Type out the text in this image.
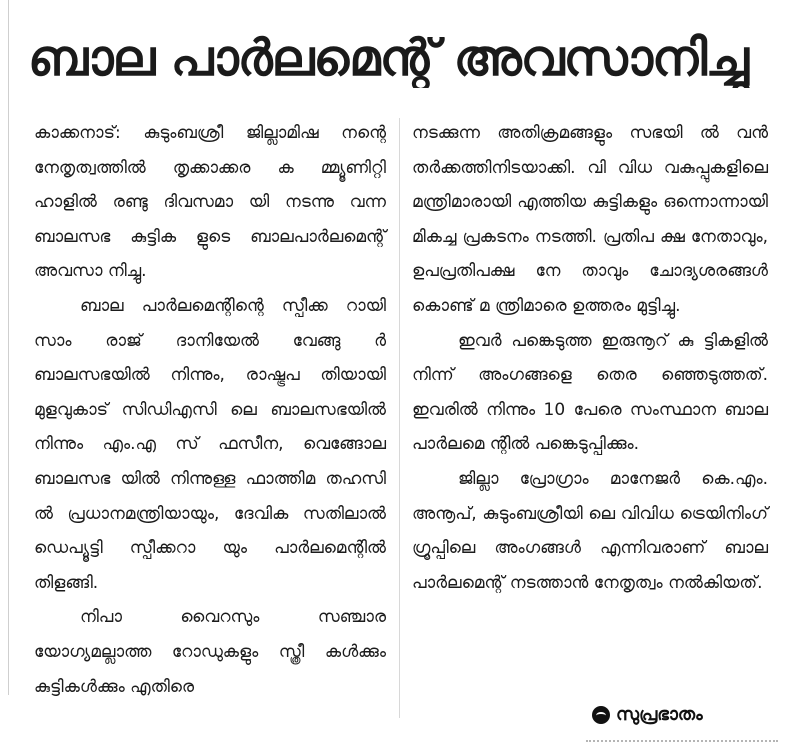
ബാല പാർലമെന്റ് അവസാനിച്ചു

കാക്കനാട്: കുടുംബശ്രീ ജില്ലാമിഷ നന്റെ നേതൃത്വത്തിൽ തൃക്കാക്കര ക മ്മ്യൂണിറ്റി ഹാളിൽ രണ്ടു ദിവസമാ യി നടന്നു വന്ന ബാലസഭ കുട്ടിക ളുടെ ബാലപാർലമെന്റ് അവസാ നിച്ചു.

ബാല പാർലമെന്റിന്റെ സ്പീക്ക റായി സാം രാജ് ദാനിയേൽ വേങ്ങു ർ ബാലസഭയിൽ നിന്നും, രാഷ്ട്രപ തിയായി മുളവുകാട് സിഡിഎസി ലെ ബാലസഭയിൽ നിന്നും എം.എ സ് ഫസീന, വെങ്ങോല ബാലസഭ യിൽ നിന്നുള്ള ഫാത്തിമ തഹസി ൽ പ്രധാനമന്ത്രിയായും, ദേവിക സതിലാൽ ഡെപ്യൂട്ടി സ്പീക്കറാ യും പാർലമെന്റിൽ തിളങ്ങി.

നിപാ വൈറസും സഞ്ചാര യോഗ്യമല്ലാത്ത റോഡുകളും സ്ത്രീ കൾക്കും കുട്ടികൾക്കും എതിരെ

നടക്കുന്ന അതിക്രമങ്ങളും സഭയി ൽ വൻ തർക്കത്തിനിടയാക്കി. വി വിധ വകുപ്പുകളിലെ മന്ത്രിമാരായി എത്തിയ കുട്ടികളും ഒന്നൊന്നായി മികച്ച പ്രകടനം നടത്തി. പ്രതിപ ക്ഷ നേതാവും, ഉപപ്രതിപക്ഷ നേ താവും ചോദ്യശരങ്ങൾ കൊണ്ട് മ ന്ത്രിമാരെ ഉത്തരം മുട്ടിച്ചു.

ഇവർ പങ്കെടുത്ത ഇരുനൂറ് കു ട്ടികളിൽ നിന്ന് അംഗങ്ങളെ തെര ഞ്ഞെടുത്തത്. ഇവരിൽ നിന്നും 10 പേരെ സംസ്ഥാന ബാല പാർലമെ ന്റിൽ പങ്കെടുപ്പിക്കും.

ജില്ലാ പ്രോഗ്രാം മാനേജർ കെ.എം. അനൂപ്, കുടുംബശ്രീയി ലെ വിവിധ ട്രെയിനിംഗ് ഗ്രൂപ്പിലെ അംഗങ്ങൾ എന്നിവരാണ് ബാല പാർലമെന്റ് നടത്താൻ നേതൃത്വം നൽകിയത്.

സുപ്രഭാതം
